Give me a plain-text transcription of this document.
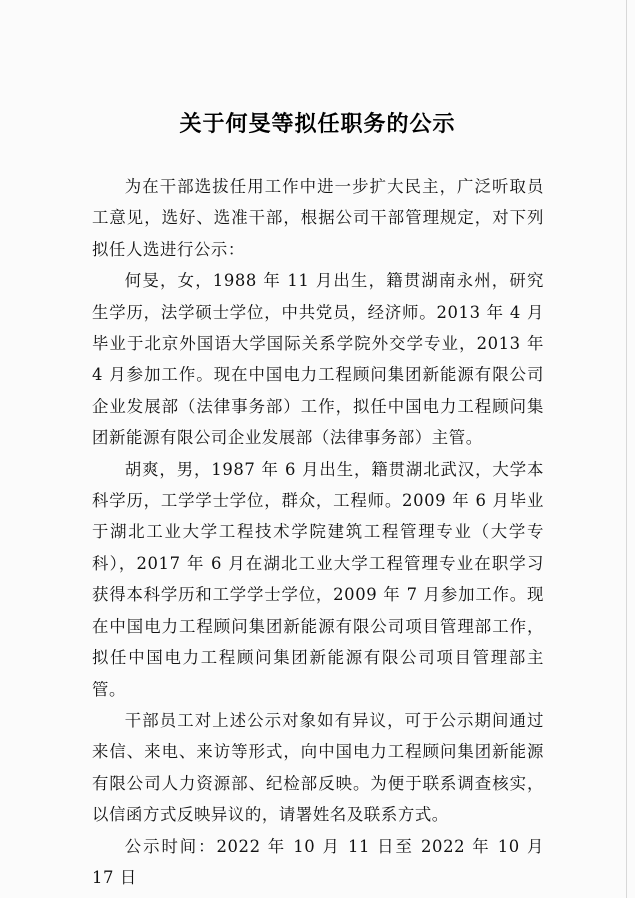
关于何旻等拟任职务的公示

为在干部选拔任用工作中进一步扩大民主，广泛听取员工意见，选好、选准干部，根据公司干部管理规定，对下列拟任人选进行公示：

何旻，女，1988 年 11 月出生，籍贯湖南永州，研究生学历，法学硕士学位，中共党员，经济师。2013 年 4 月毕业于北京外国语大学国际关系学院外交学专业，2013 年 4 月参加工作。现在中国电力工程顾问集团新能源有限公司企业发展部（法律事务部）工作，拟任中国电力工程顾问集团新能源有限公司企业发展部（法律事务部）主管。

胡爽，男，1987 年 6 月出生，籍贯湖北武汉，大学本科学历，工学学士学位，群众，工程师。2009 年 6 月毕业于湖北工业大学工程技术学院建筑工程管理专业（大学专科），2017 年 6 月在湖北工业大学工程管理专业在职学习获得本科学历和工学学士学位，2009 年 7 月参加工作。现在中国电力工程顾问集团新能源有限公司项目管理部工作，拟任中国电力工程顾问集团新能源有限公司项目管理部主管。

干部员工对上述公示对象如有异议，可于公示期间通过来信、来电、来访等形式，向中国电力工程顾问集团新能源有限公司人力资源部、纪检部反映。为便于联系调查核实，以信函方式反映异议的，请署姓名及联系方式。

公示时间：2022 年 10 月 11 日至 2022 年 10 月 17 日
